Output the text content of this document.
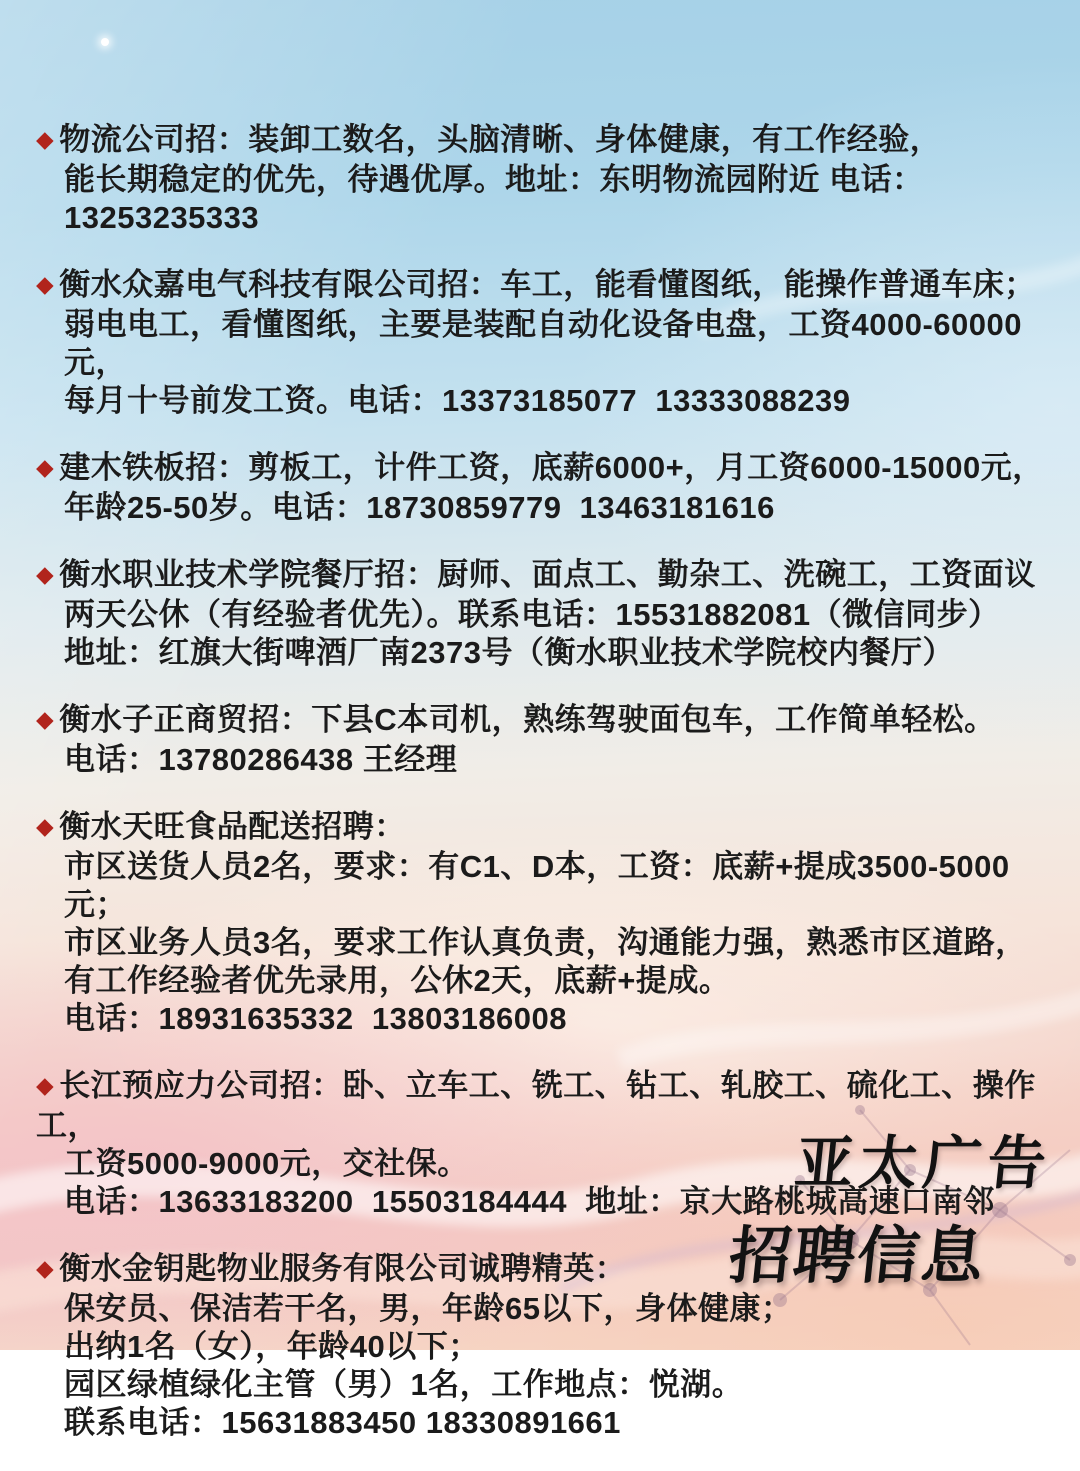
◆ 物流公司招：装卸工数名，头脑清晰、身体健康，有工作经验，
能长期稳定的优先，待遇优厚。地址：东明物流园附近 电话：13253235333
◆ 衡水众嘉电气科技有限公司招：车工，能看懂图纸，能操作普通车床；
弱电电工，看懂图纸，主要是装配自动化设备电盘，工资4000-60000元，
每月十号前发工资。电话：13373185077  13333088239
◆ 建木铁板招：剪板工，计件工资，底薪6000+，月工资6000-15000元，
年龄25-50岁。电话：18730859779  13463181616
◆ 衡水职业技术学院餐厅招：厨师、面点工、勤杂工、洗碗工，工资面议
两天公休（有经验者优先）。联系电话：15531882081（微信同步）
地址：红旗大街啤酒厂南2373号（衡水职业技术学院校内餐厅）
◆ 衡水子正商贸招：下县C本司机，熟练驾驶面包车，工作简单轻松。
电话：13780286438 王经理
◆ 衡水天旺食品配送招聘：
市区送货人员2名，要求：有C1、D本，工资：底薪+提成3500-5000元；
市区业务人员3名，要求工作认真负责，沟通能力强，熟悉市区道路，
有工作经验者优先录用，公休2天，底薪+提成。
电话：18931635332  13803186008
◆ 长江预应力公司招：卧、立车工、铣工、钻工、轧胶工、硫化工、操作工，
工资5000-9000元，交社保。
电话：13633183200  15503184444  地址：京大路桃城高速口南邻
◆ 衡水金钥匙物业服务有限公司诚聘精英：
保安员、保洁若干名，男，年龄65以下，身体健康；
出纳1名（女），年龄40以下；
园区绿植绿化主管（男）1名，工作地点：悦湖。
联系电话：15631883450 18330891661
亚太广告
招聘信息
